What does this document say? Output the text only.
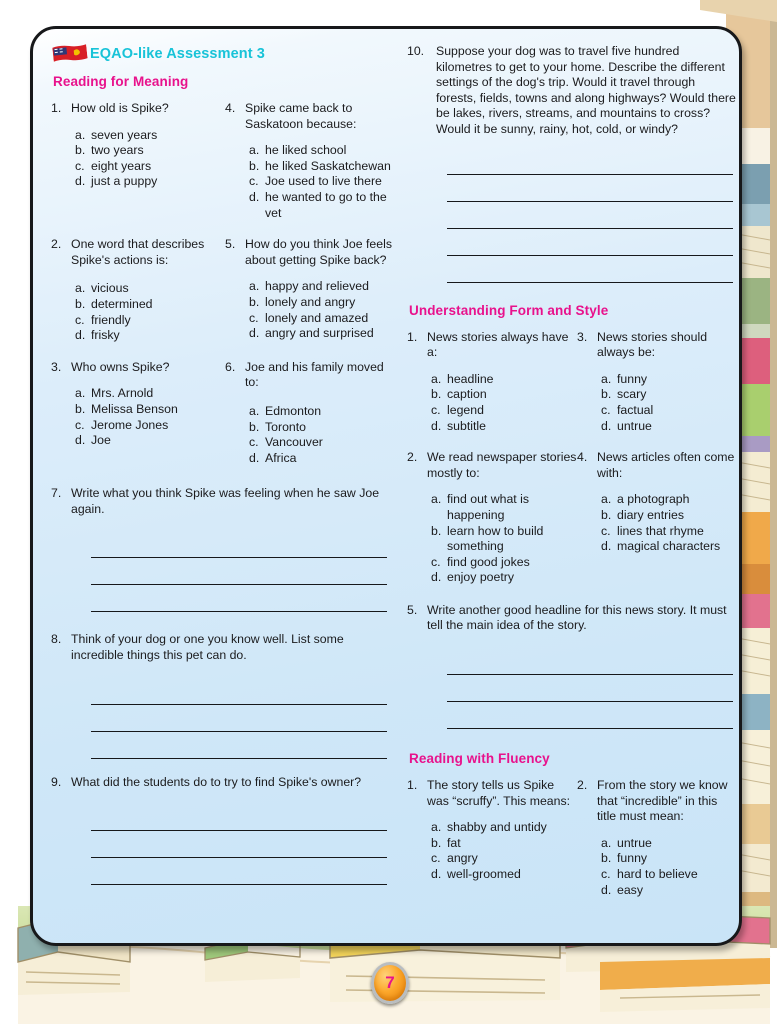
EQAO-like Assessment 3
Reading for Meaning
1. How old is Spike?
a. seven years
b. two years
c. eight years
d. just a puppy
4. Spike came back to Saskatoon because:
a. he liked school
b. he liked Saskatchewan
c. Joe used to live there
d. he wanted to go to the vet
2. One word that describes Spike's actions is:
a. vicious
b. determined
c. friendly
d. frisky
5. How do you think Joe feels about getting Spike back?
a. happy and relieved
b. lonely and angry
c. lonely and amazed
d. angry and surprised
3. Who owns Spike?
a. Mrs. Arnold
b. Melissa Benson
c. Jerome Jones
d. Joe
6. Joe and his family moved to:
a. Edmonton
b. Toronto
c. Vancouver
d. Africa
7. Write what you think Spike was feeling when he saw Joe again.
8. Think of your dog or one you know well. List some incredible things this pet can do.
9. What did the students do to try to find Spike's owner?
10. Suppose your dog was to travel five hundred kilometres to get to your home. Describe the different settings of the dog's trip. Would it travel through forests, fields, towns and along highways? Would there be lakes, rivers, streams, and mountains to cross? Would it be sunny, rainy, hot, cold, or windy?
Understanding Form and Style
1. News stories always have a:
a. headline
b. caption
c. legend
d. subtitle
3. News stories should always be:
a. funny
b. scary
c. factual
d. untrue
2. We read newspaper stories mostly to:
a. find out what is happening
b. learn how to build something
c. find good jokes
d. enjoy poetry
4. News articles often come with:
a. a photograph
b. diary entries
c. lines that rhyme
d. magical characters
5. Write another good headline for this news story. It must tell the main idea of the story.
Reading with Fluency
1. The story tells us Spike was “scruffy”. This means:
a. shabby and untidy
b. fat
c. angry
d. well-groomed
2. From the story we know that “incredible” in this title must mean:
a. untrue
b. funny
c. hard to believe
d. easy
7
